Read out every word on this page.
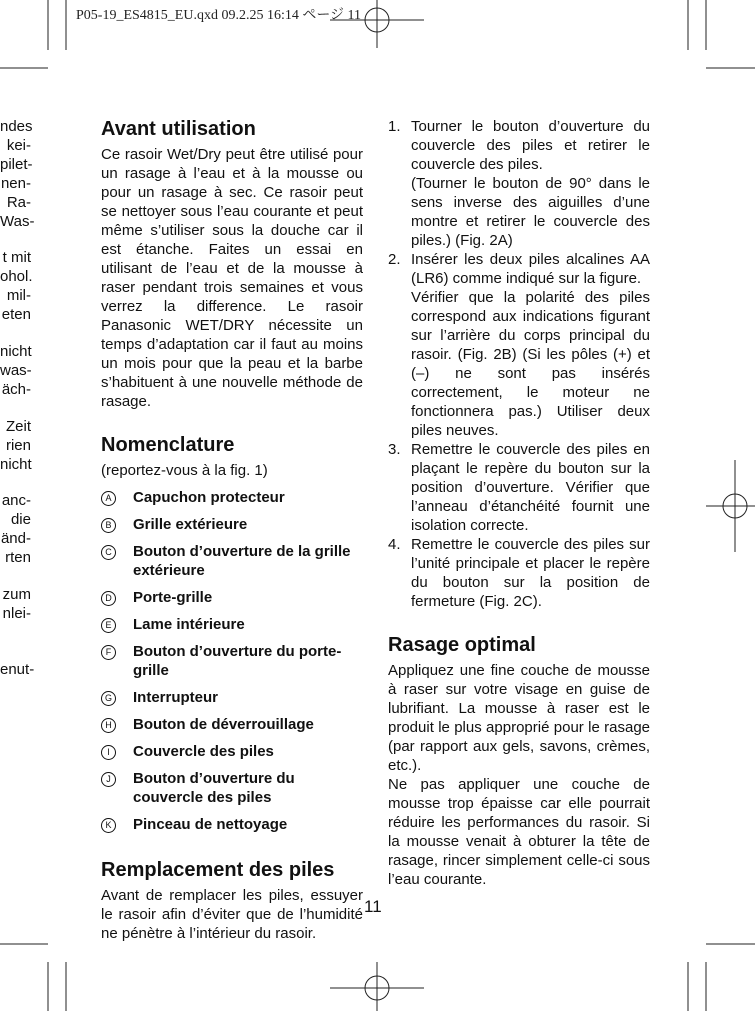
P05-19_ES4815_EU.qxd 09.2.25 16:14 ページ 11
ndes
kei-
pilet-
nen-
Ra-
Was-
t mit
ohol.
mil-
eten
nicht
was-
äch-
Zeit
rien
nicht
anc-
die
änd-
rten
zum
nlei-
enut-
Avant utilisation

Ce rasoir Wet/Dry peut être utilisé pour un rasage à l’eau et à la mousse ou pour un rasage à sec. Ce rasoir peut se nettoyer sous l’eau courante et peut même s’utiliser sous la douche car il est étanche. Faites un essai en utilisant de l’eau et de la mousse à raser pendant trois semaines et vous verrez la difference. Le rasoir Panasonic WET/DRY nécessite un temps d’adaptation car il faut au moins un mois pour que la peau et la barbe s’habituent à une nouvelle méthode de rasage.

Nomenclature

(reportez-vous à la fig. 1)

A	Capuchon protecteur
B	Grille extérieure
C Bouton d’ouverture de la grille extérieure
D Porte-grille
E	Lame intérieure
F	Bouton d’ouverture du porte-grille
G Interrupteur
H Bouton de déverrouillage
I	Couvercle des piles
J	Bouton d’ouverture du couvercle des piles
K	Pinceau de nettoyage
Remplacement des piles

Avant de remplacer les piles, essuyer le rasoir afin d’éviter que de l’humidité ne pénètre à l’intérieur du rasoir.

1. Tourner le bouton d’ouverture du couvercle des piles et retirer le couvercle des piles.
(Tourner le bouton de 90° dans le sens inverse des aiguilles d’une montre et retirer le couvercle des piles.) (Fig. 2A)
2. Insérer les deux piles alcalines AA (LR6) comme indiqué sur la figure.
Vérifier que la polarité des piles correspond aux indications figurant sur l’arrière du corps principal du rasoir. (Fig. 2B) (Si les pôles (+) et (–) ne sont pas insérés correctement, le moteur ne fonctionnera pas.) Utiliser deux piles neuves.
3. Remettre le couvercle des piles en plaçant le repère du bouton sur la position d’ouverture. Vérifier que l’anneau d’étanchéité fournit une isolation correcte.
4. Remettre le couvercle des piles sur l’unité principale et placer le repère du bouton sur la position de fermeture (Fig. 2C).
Rasage optimal

Appliquez une fine couche de mousse à raser sur votre visage en guise de lubrifiant. La mousse à raser est le produit le plus approprié pour le rasage (par rapport aux gels, savons, crèmes, etc.).

Ne pas appliquer une couche de mousse trop épaisse car elle pourrait réduire les performances du rasoir. Si la mousse venait à obturer la tête de rasage, rincer simplement celle-ci sous l’eau courante.

11
